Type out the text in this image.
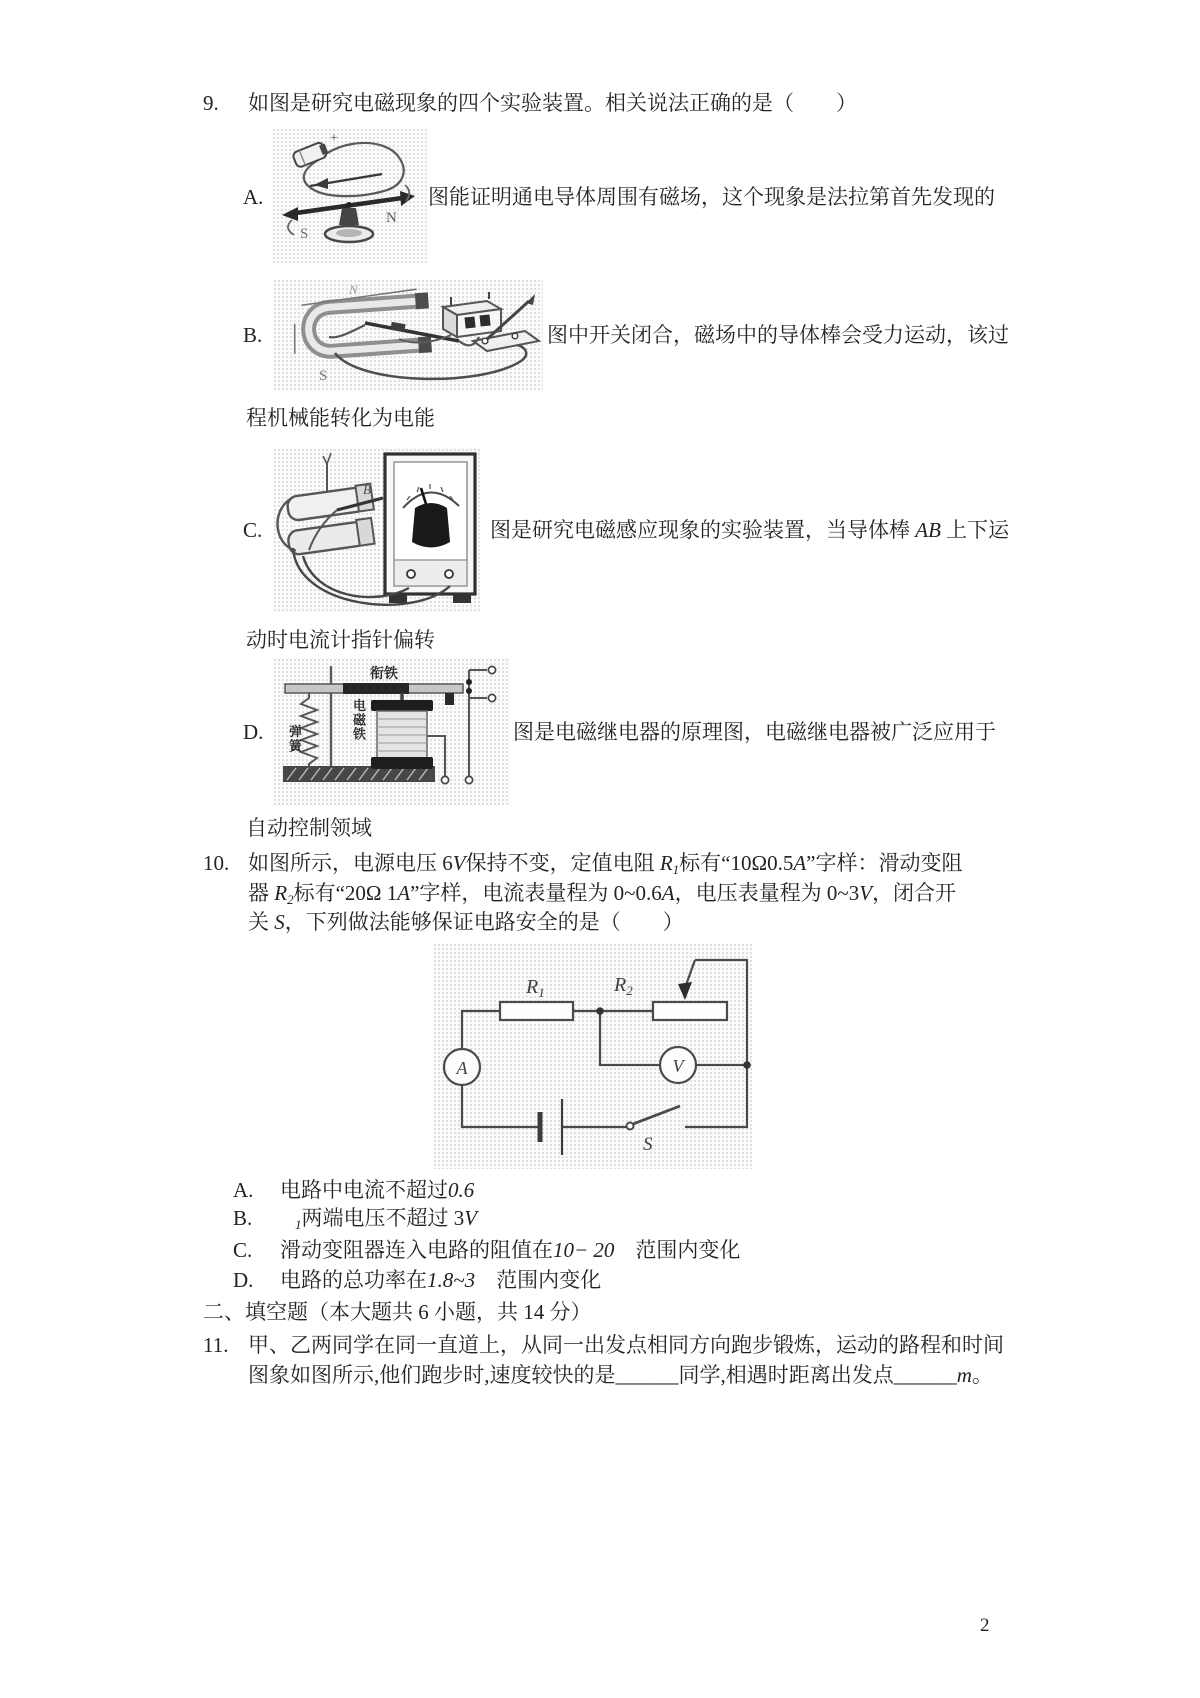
9. 如图是研究电磁现象的四个实验装置。相关说法正确的是（　　）
+
S
N
A.	图能证明通电导体周围有磁场，这个现象是法拉第首先发现的
N
S
B.	图中开关闭合，磁场中的导体棒会受力运动，该过
程机械能转化为电能
B
C.	图是研究电磁感应现象的实验装置，当导体棒 AB 上下运
动时电流计指针偏转
弹簧
衔铁
电磁铁
D.	图是电磁继电器的原理图，电磁继电器被广泛应用于
自动控制领域
10. 如图所示，电源电压 6V保持不变，定值电阻 $R_1$标有“10Ω0.5A”字样：滑动变阻
器 $R_2$标有“20Ω 1A”字样，电流表量程为 0~0.6A，电压表量程为 0~3V，闭合开
关 S，下列做法能够保证电路安全的是（　　）
$R_1$	$R_2$
A	V
S
A. 电路中电流不超过0.6
B.	$_1$两端电压不超过 3V
C. 滑动变阻器连入电路的阻值在10− 20　范围内变化
D. 电路的总功率在1.8~3　范围内变化
二、填空题（本大题共 6 小题，共 14 分）
11. 甲、乙两同学在同一直道上，从同一出发点相同方向跑步锻炼，运动的路程和时间
图象如图所示,他们跑步时,速度较快的是______同学,相遇时距离出发点______m。
2
